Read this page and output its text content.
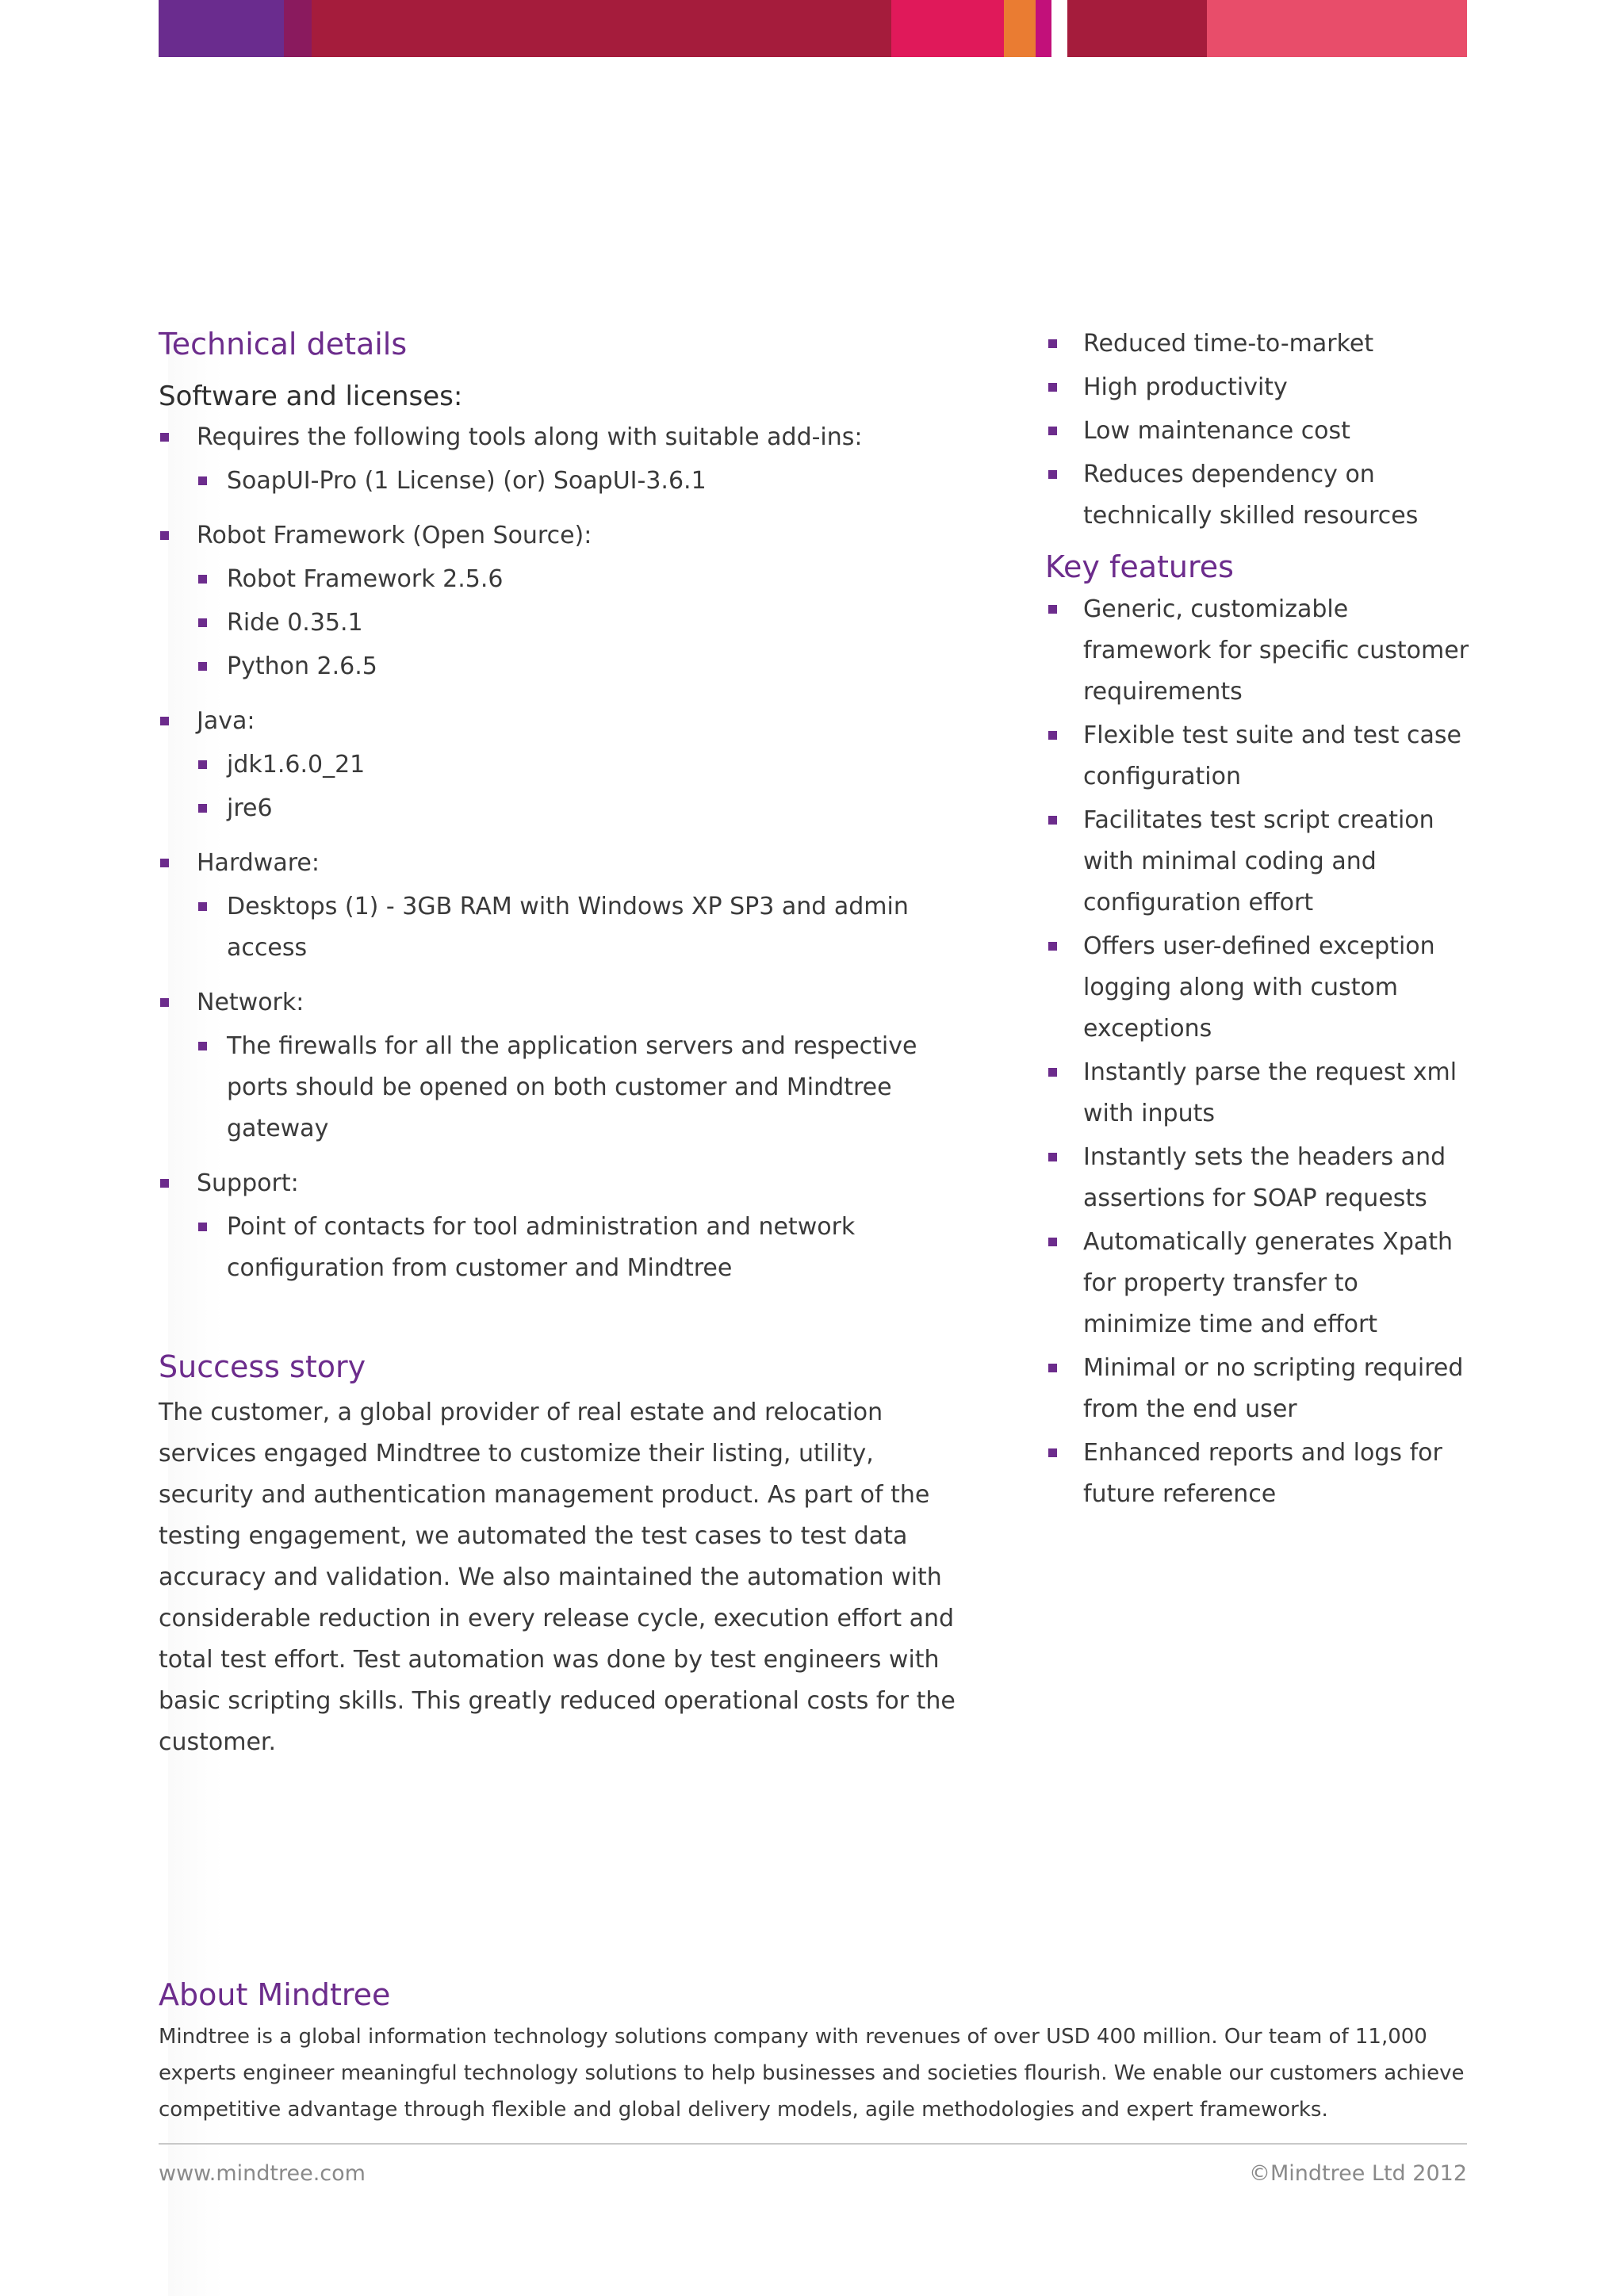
Technical details
Software and licenses:
Requires the following tools along with suitable add-ins:
SoapUI-Pro (1 License) (or) SoapUI-3.6.1
Robot Framework (Open Source):
Robot Framework 2.5.6
Ride 0.35.1
Python 2.6.5
Java:
jdk1.6.0_21
jre6
Hardware:
Desktops (1) - 3GB RAM with Windows XP SP3 and admin access
Network:
The firewalls for all the application servers and respective ports should be opened on both customer and Mindtree gateway
Support:
Point of contacts for tool administration and network configuration from customer and Mindtree
Success story

The customer, a global provider of real estate and relocation services engaged Mindtree to customize their listing, utility, security and authentication management product. As part of the testing engagement, we automated the test cases to test data accuracy and validation. We also maintained the automation with considerable reduction in every release cycle, execution effort and total test effort. Test automation was done by test engineers with basic scripting skills. This greatly reduced operational costs for the customer.

Reduced time-to-market
High productivity
Low maintenance cost
Reduces dependency on technically skilled resources
Key features
Generic, customizable framework for specific customer requirements
Flexible test suite and test case configuration
Facilitates test script creation with minimal coding and configuration effort
Offers user-defined exception logging along with custom exceptions
Instantly parse the request xml with inputs
Instantly sets the headers and assertions for SOAP requests
Automatically generates Xpath for property transfer to minimize time and effort
Minimal or no scripting required from the end user
Enhanced reports and logs for future reference
About Mindtree

Mindtree is a global information technology solutions company with revenues of over USD 400 million. Our team of 11,000 experts engineer meaningful technology solutions to help businesses and societies flourish. We enable our customers achieve competitive advantage through flexible and global delivery models, agile methodologies and expert frameworks.

www.mindtree.com	©Mindtree Ltd 2012
